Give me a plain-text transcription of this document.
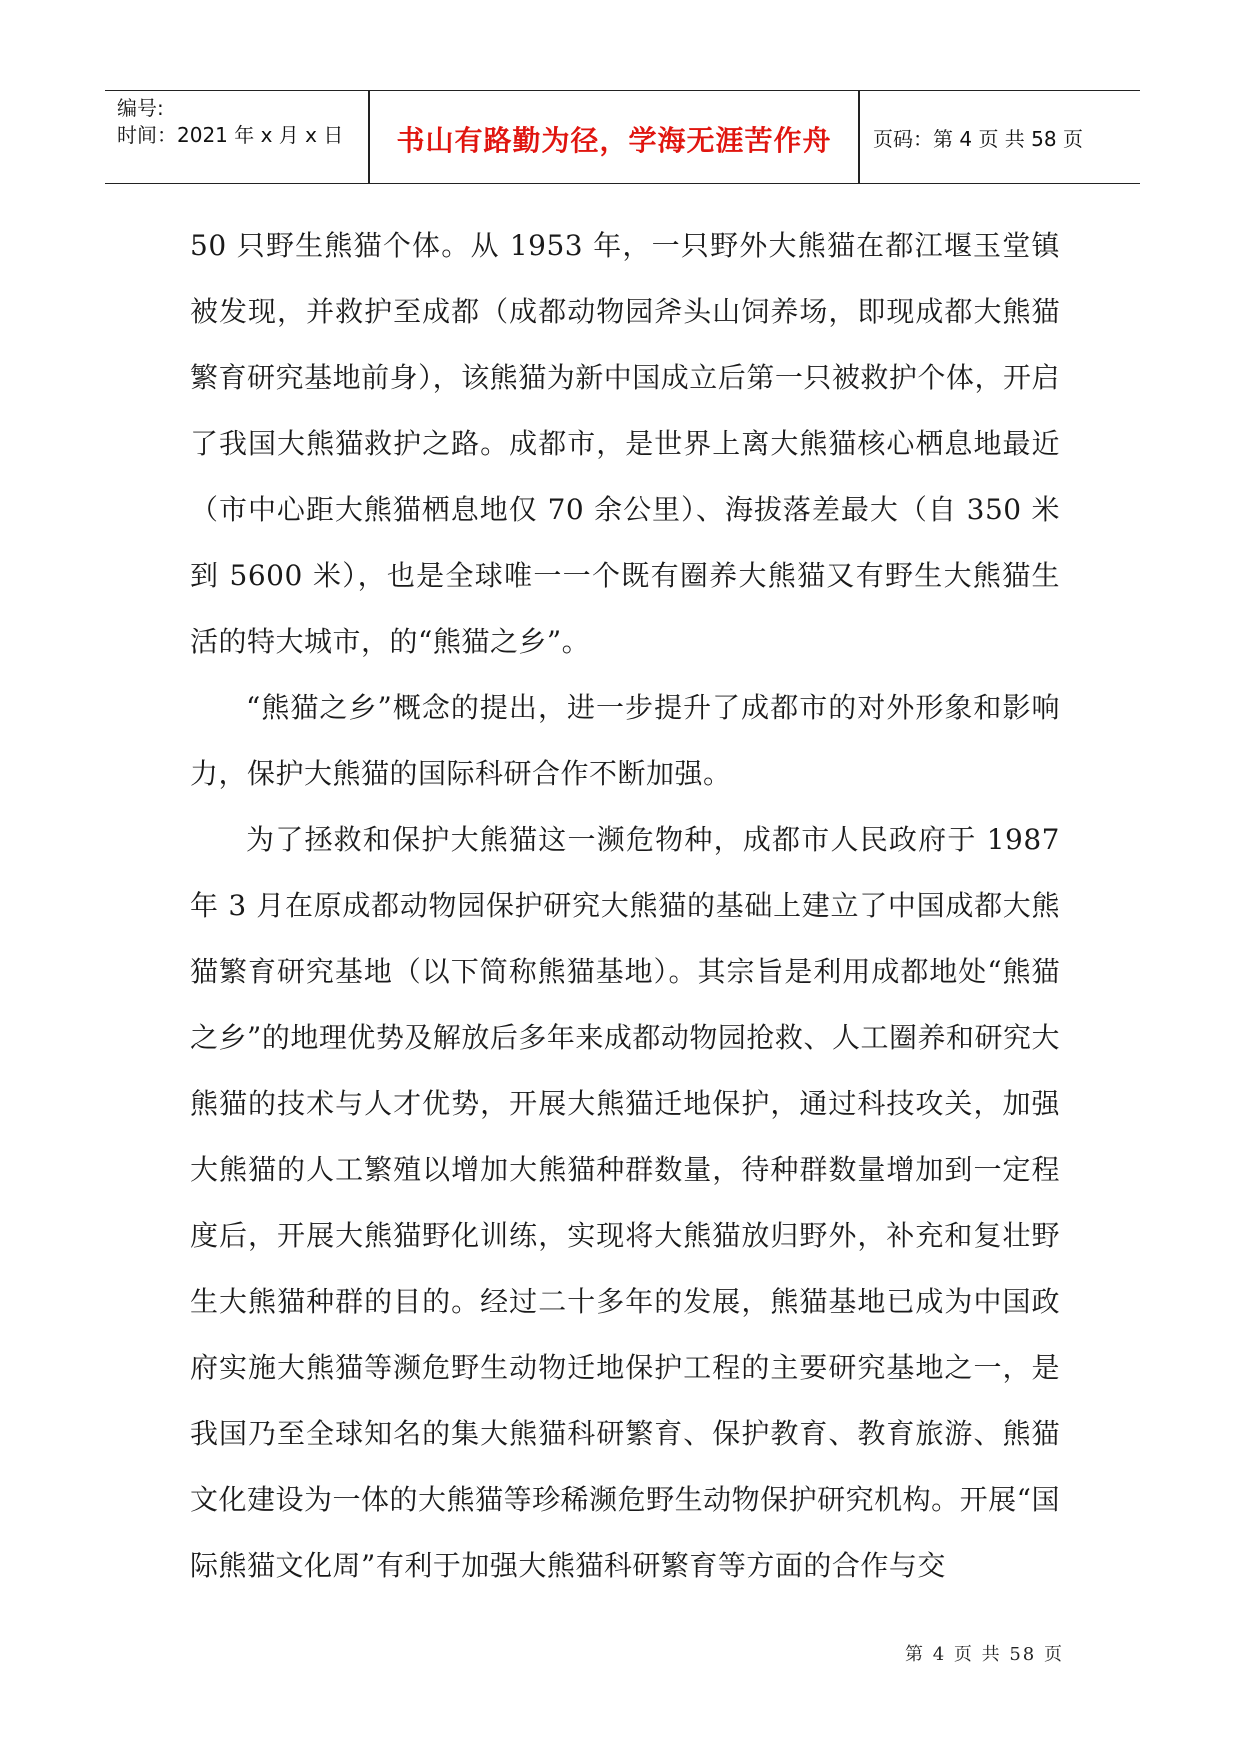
编号:
时间：2021 年 x 月 x 日	书山有路勤为径，学海无涯苦作舟	页码：第 4 页 共 58 页

50 只野生熊猫个体。从 1953 年，一只野外大熊猫在都江堰玉堂镇被发现，并救护至成都（成都动物园斧头山饲养场，即现成都大熊猫繁育研究基地前身），该熊猫为新中国成立后第一只被救护个体，开启了我国大熊猫救护之路。成都市，是世界上离大熊猫核心栖息地最近（市中心距大熊猫栖息地仅 70 余公里）、海拔落差最大（自 350 米到 5600 米），也是全球唯一一个既有圈养大熊猫又有野生大熊猫生活的特大城市，的“熊猫之乡”。

“熊猫之乡”概念的提出，进一步提升了成都市的对外形象和影响力，保护大熊猫的国际科研合作不断加强。

为了拯救和保护大熊猫这一濒危物种，成都市人民政府于 1987 年 3 月在原成都动物园保护研究大熊猫的基础上建立了中国成都大熊猫繁育研究基地（以下简称熊猫基地）。其宗旨是利用成都地处“熊猫之乡”的地理优势及解放后多年来成都动物园抢救、人工圈养和研究大熊猫的技术与人才优势，开展大熊猫迁地保护，通过科技攻关，加强大熊猫的人工繁殖以增加大熊猫种群数量，待种群数量增加到一定程度后，开展大熊猫野化训练，实现将大熊猫放归野外，补充和复壮野生大熊猫种群的目的。经过二十多年的发展，熊猫基地已成为中国政府实施大熊猫等濒危野生动物迁地保护工程的主要研究基地之一，是我国乃至全球知名的集大熊猫科研繁育、保护教育、教育旅游、熊猫文化建设为一体的大熊猫等珍稀濒危野生动物保护研究机构。开展“国际熊猫文化周”有利于加强大熊猫科研繁育等方面的合作与交

第 4 页 共 58 页
